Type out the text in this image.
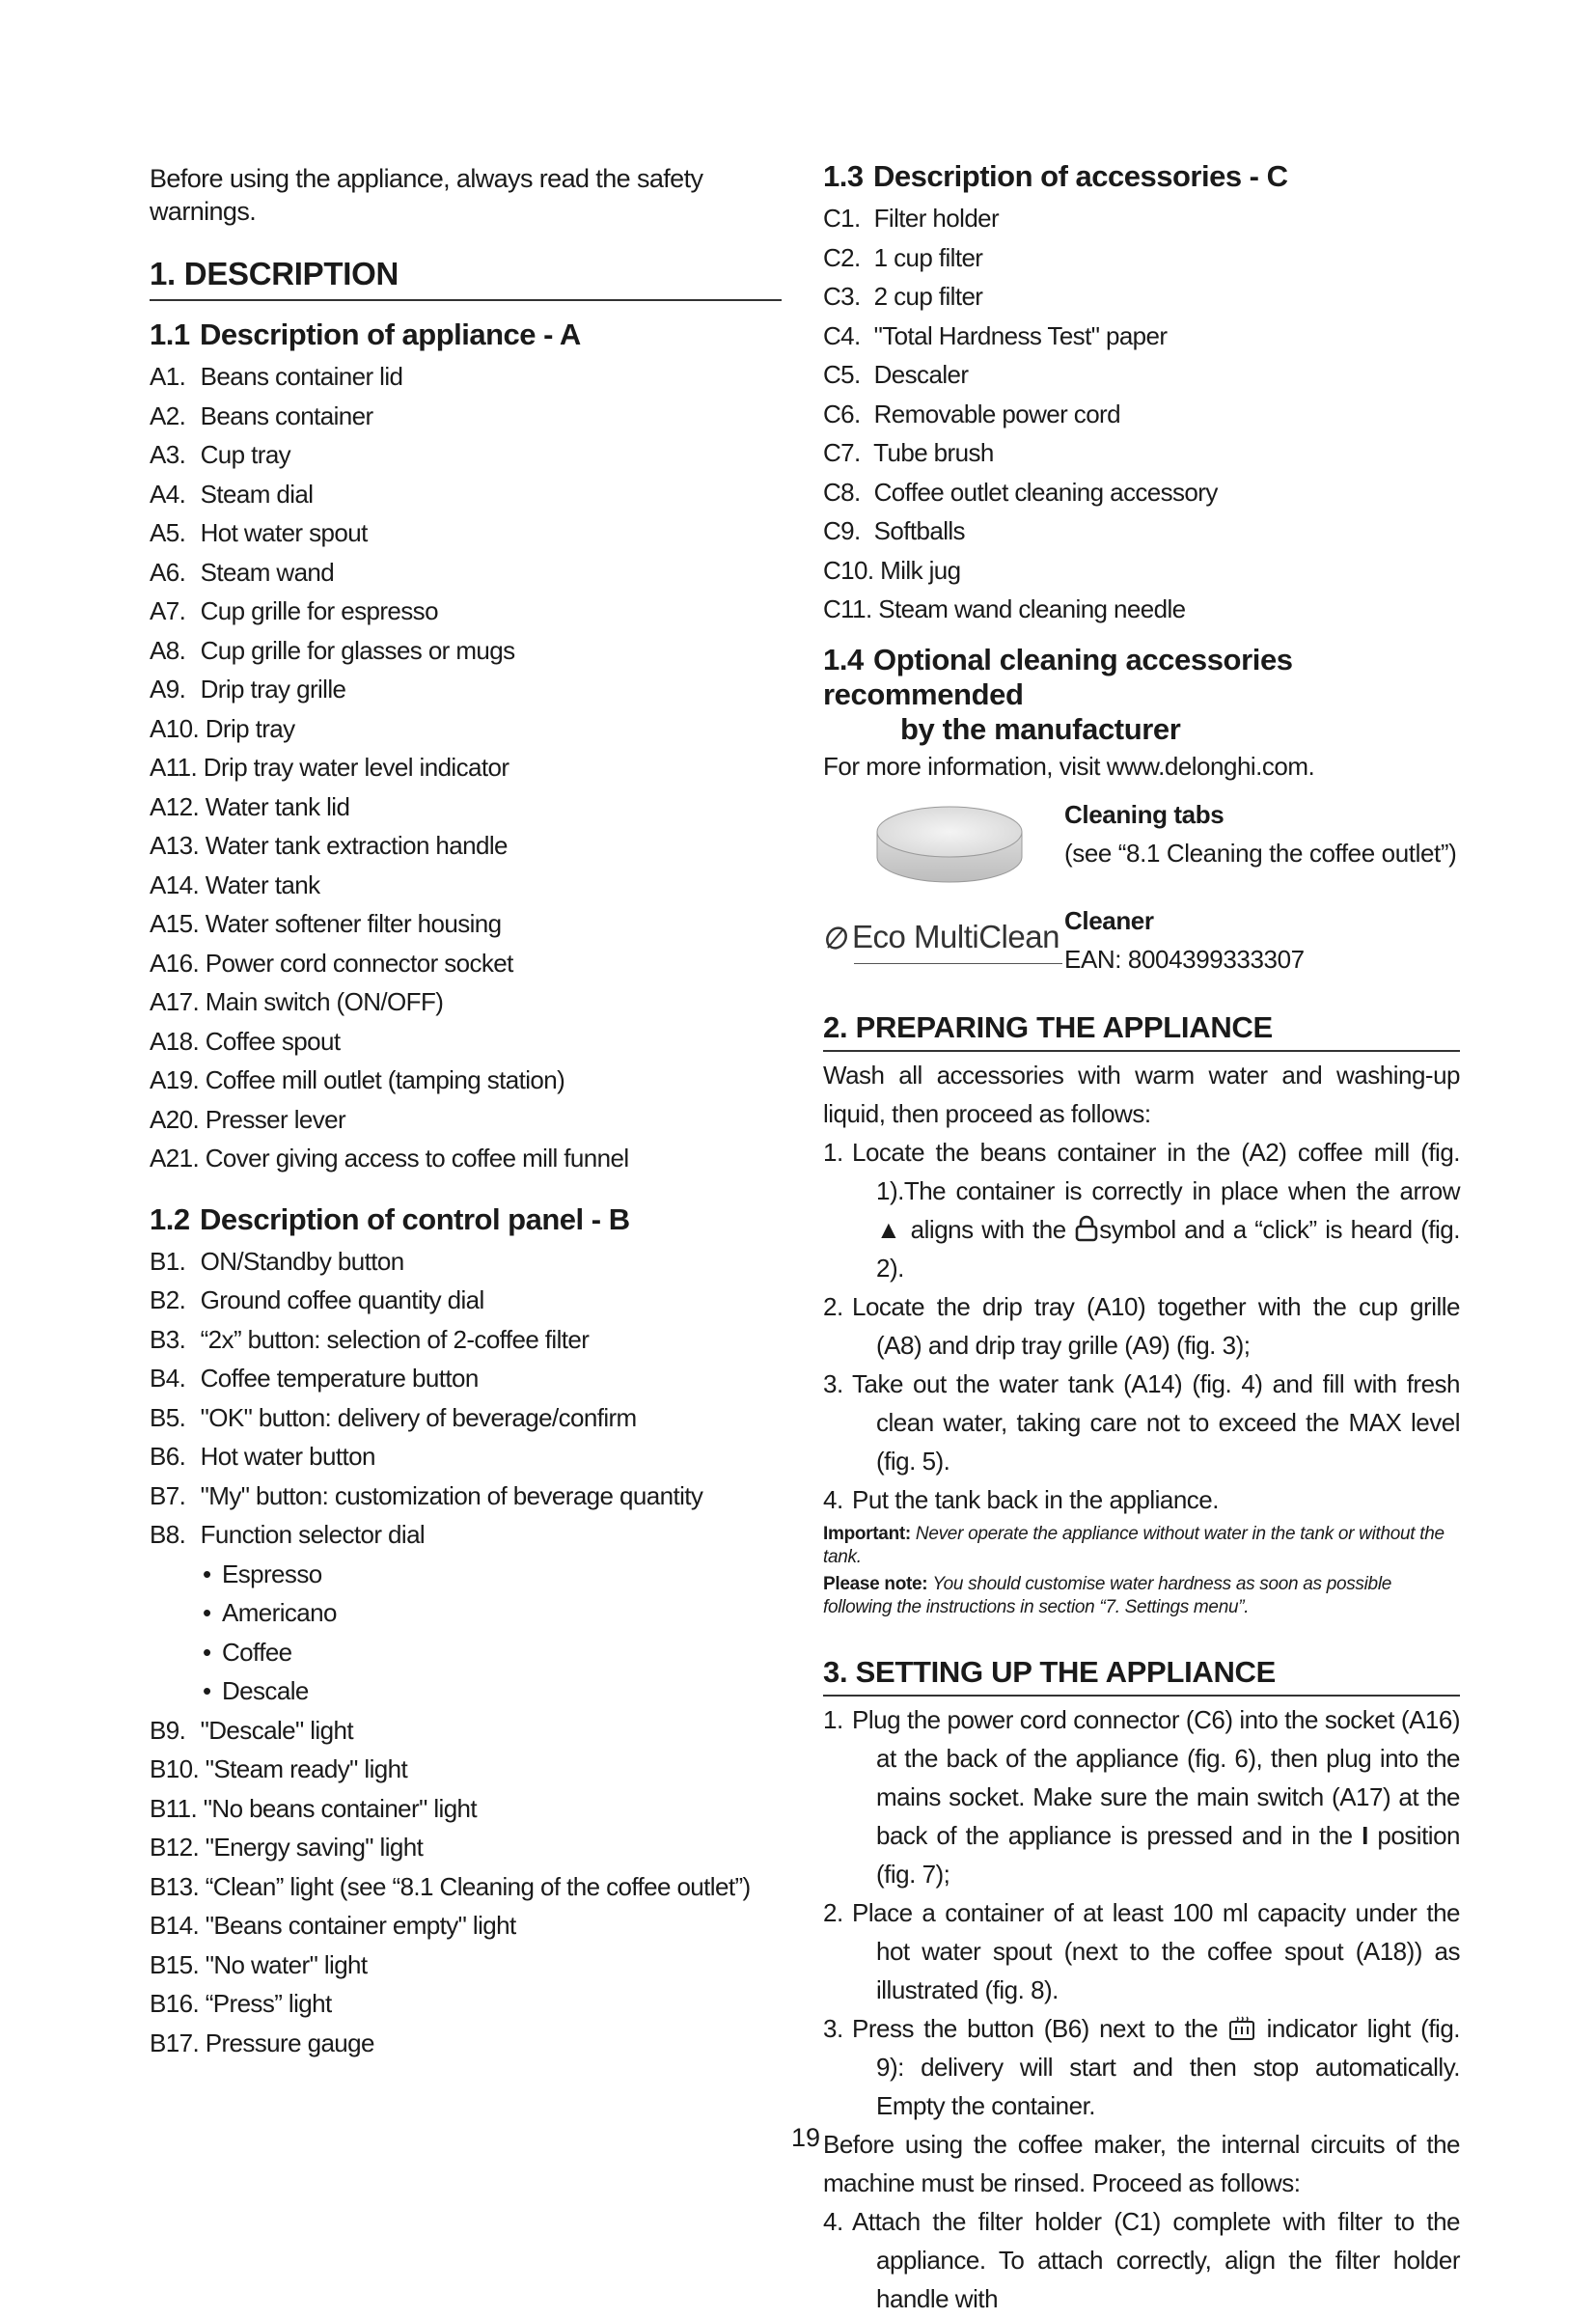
Before using the appliance, always read the safety warnings.

1. DESCRIPTION
1.1 Description of appliance - A
A1. Beans container lid
A2. Beans container
A3. Cup tray
A4. Steam dial
A5. Hot water spout
A6. Steam wand
A7. Cup grille for espresso
A8. Cup grille for glasses or mugs
A9. Drip tray grille
A10. Drip tray
A11. Drip tray water level indicator
A12. Water tank lid
A13. Water tank extraction handle
A14. Water tank
A15. Water softener filter housing
A16. Power cord connector socket
A17. Main switch (ON/OFF)
A18. Coffee spout
A19. Coffee mill outlet (tamping station)
A20. Presser lever
A21. Cover giving access to coffee mill funnel
1.2 Description of control panel - B
B1. ON/Standby button
B2. Ground coffee quantity dial
B3. “2x” button: selection of 2-coffee filter
B4. Coffee temperature button
B5. "OK" button: delivery of beverage/confirm
B6. Hot water button
B7. "My" button: customization of beverage quantity
B8. Function selector dial
• Espresso
• Americano
• Coffee
• Descale
B9. "Descale" light
B10. "Steam ready" light
B11. "No beans container" light
B12. "Energy saving" light
B13. “Clean” light (see “8.1 Cleaning of the coffee outlet”)
B14. "Beans container empty" light
B15. "No water" light
B16. “Press” light
B17. Pressure gauge
1.3 Description of accessories - C
C1. Filter holder
C2. 1 cup filter
C3. 2 cup filter
C4. "Total Hardness Test" paper
C5. Descaler
C6. Removable power cord
C7. Tube brush
C8. Coffee outlet cleaning accessory
C9. Softballs
C10. Milk jug
C11. Steam wand cleaning needle
1.4 Optional cleaning accessories recommended
by the manufacturer

For more information, visit www.delonghi.com.

Cleaning tabs
(see “8.1 Cleaning the coffee outlet”)
Eco MultiClean Cleaner
EAN: 8004399333307
2. PREPARING THE APPLIANCE

Wash all accessories with warm water and washing-up liquid, then proceed as follows:

1. Locate the beans container in the (A2) coffee mill (fig. 1).The container is correctly in place when the arrow ▲ aligns with the symbol and a “click” is heard (fig. 2).

2. Locate the drip tray (A10) together with the cup grille (A8) and drip tray grille (A9) (fig. 3);

3. Take out the water tank (A14) (fig. 4) and fill with fresh clean water, taking care not to exceed the MAX level (fig. 5).

4. Put the tank back in the appliance.

Important: Never operate the appliance without water in the tank or without the tank.

Please note: You should customise water hardness as soon as possible following the instructions in section “7. Settings menu”.

3. SETTING UP THE APPLIANCE

1. Plug the power cord connector (C6) into the socket (A16) at the back of the appliance (fig. 6), then plug into the mains socket. Make sure the main switch (A17) at the back of the appliance is pressed and in the I position (fig. 7);

2. Place a container of at least 100 ml capacity under the hot water spout (next to the coffee spout (A18)) as illustrated (fig. 8).

3. Press the button (B6) next to the indicator light (fig. 9): delivery will start and then stop automatically. Empty the container.

Before using the coffee maker, the internal circuits of the machine must be rinsed. Proceed as follows:

4. Attach the filter holder (C1) complete with filter to the appliance. To attach correctly, align the filter holder handle with

19
